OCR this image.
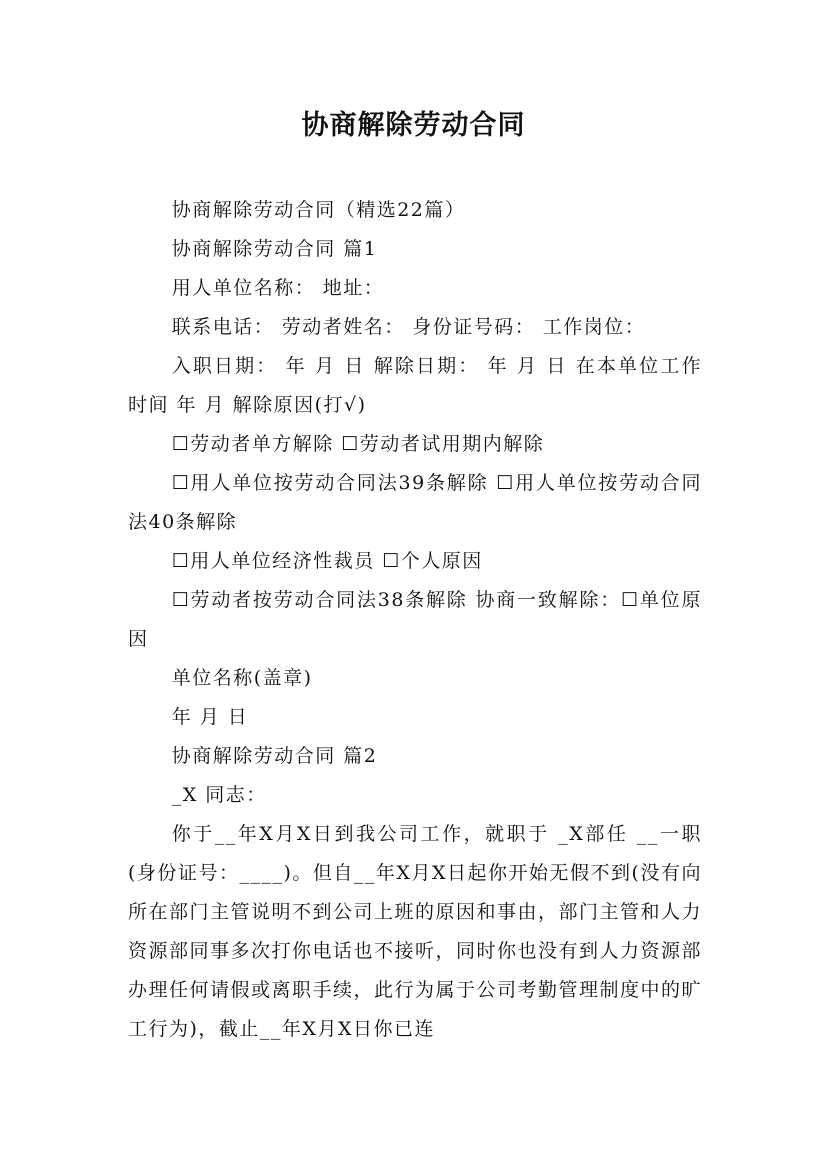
协商解除劳动合同

协商解除劳动合同（精选22篇）

协商解除劳动合同 篇1

用人单位名称： 地址：

联系电话： 劳动者姓名： 身份证号码： 工作岗位：

入职日期： 年 月 日 解除日期： 年 月 日 在本单位工作时间 年 月 解除原因(打√)

☐劳动者单方解除 ☐劳动者试用期内解除

☐用人单位按劳动合同法39条解除 ☐用人单位按劳动合同法40条解除

☐用人单位经济性裁员 ☐个人原因

☐劳动者按劳动合同法38条解除 协商一致解除：☐单位原因

单位名称(盖章)

年 月 日

协商解除劳动合同 篇2

_X 同志：

你于__年X月X日到我公司工作，就职于 _X部任 __一职(身份证号：____)。但自__年X月X日起你开始无假不到(没有向所在部门主管说明不到公司上班的原因和事由，部门主管和人力资源部同事多次打你电话也不接听，同时你也没有到人力资源部办理任何请假或离职手续，此行为属于公司考勤管理制度中的旷工行为)，截止__年X月X日你已连
